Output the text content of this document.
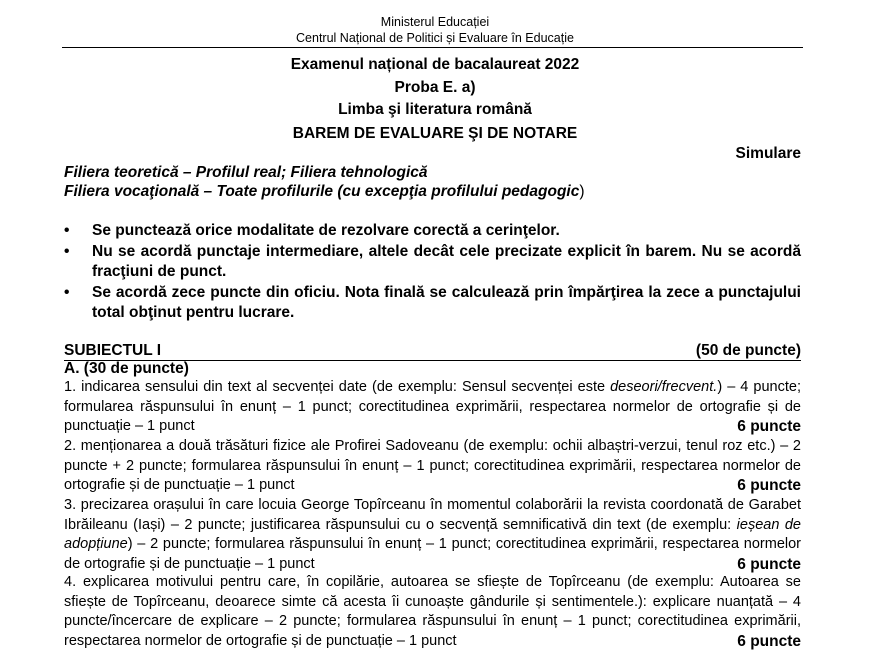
Ministerul Educației
Centrul Național de Politici și Evaluare în Educație
Examenul național de bacalaureat 2022
Proba E. a)
Limba şi literatura română
BAREM DE EVALUARE ŞI DE NOTARE
Simulare
Filiera teoretică – Profilul real; Filiera tehnologică
Filiera vocaţională – Toate profilurile (cu excepţia profilului pedagogic)
• Se punctează orice modalitate de rezolvare corectă a cerinţelor.
• Nu se acordă punctaje intermediare, altele decât cele precizate explicit în barem. Nu se acordă fracţiuni de punct.
• Se acordă zece puncte din oficiu. Nota finală se calculează prin împărţirea la zece a punctajului total obţinut pentru lucrare.
SUBIECTUL I	(50 de puncte)
A. (30 de puncte)
1. indicarea sensului din text al secvenței date (de exemplu: Sensul secvenței este deseori/frecvent.) – 4 puncte; formularea răspunsului în enunț – 1 punct; corectitudinea exprimării, respectarea normelor de ortografie și de punctuație – 1 punct	6 puncte
2. menționarea a două trăsături fizice ale Profirei Sadoveanu (de exemplu: ochii albaștri-verzui, tenul roz etc.) – 2 puncte + 2 puncte; formularea răspunsului în enunț – 1 punct; corectitudinea exprimării, respectarea normelor de ortografie și de punctuație – 1 punct	6 puncte
3. precizarea orașului în care locuia George Topîrceanu în momentul colaborării la revista coordonată de Garabet Ibrăileanu (Iași) – 2 puncte; justificarea răspunsului cu o secvență semnificativă din text (de exemplu: ieșean de adopțiune) – 2 puncte; formularea răspunsului în enunț – 1 punct; corectitudinea exprimării, respectarea normelor de ortografie și de punctuație – 1 punct	6 puncte
4. explicarea motivului pentru care, în copilărie, autoarea se sfiește de Topîrceanu (de exemplu: Autoarea se sfiește de Topîrceanu, deoarece simte că acesta îi cunoaște gândurile și sentimentele.): explicare nuanțată – 4 puncte/încercare de explicare – 2 puncte; formularea răspunsului în enunț – 1 punct; corectitudinea exprimării, respectarea normelor de ortografie și de punctuație – 1 punct	6 puncte
